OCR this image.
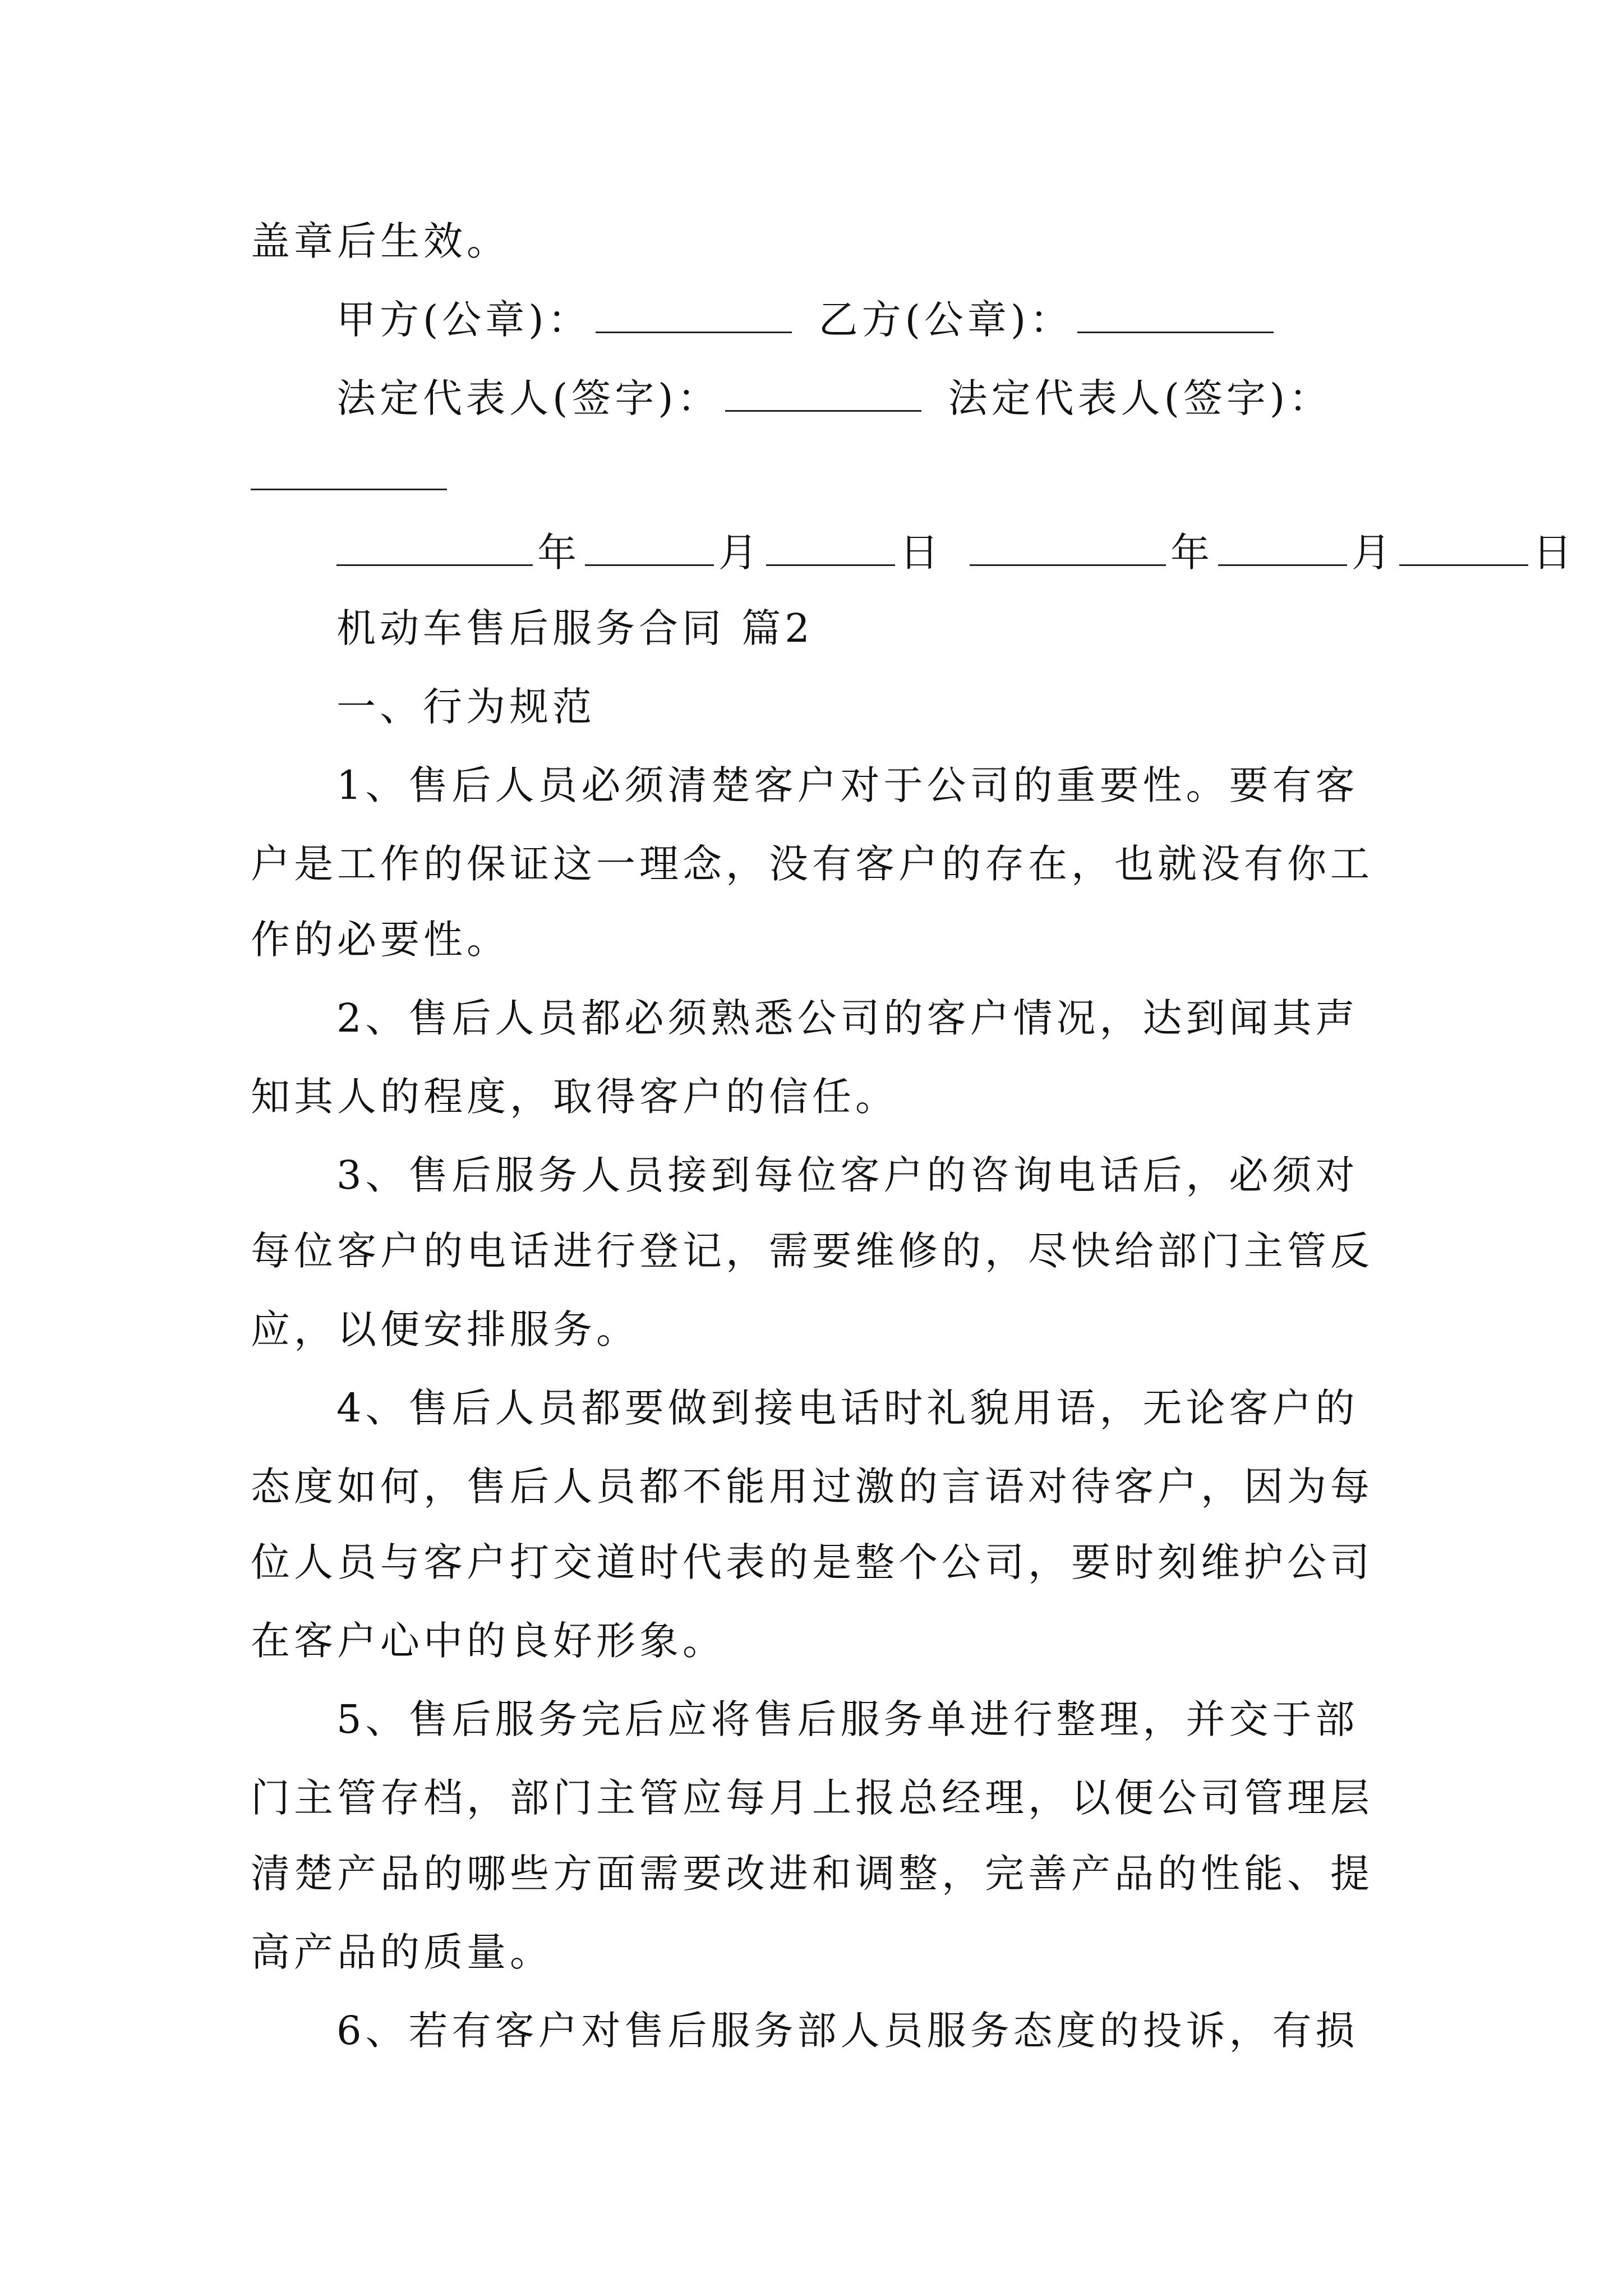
盖章后生效。
甲方(公章)：	乙方(公章)：
法定代表人(签字)：	法定代表人(签字)：
年	月	日	年	月	日
机动车售后服务合同 篇2
一、行为规范
1、售后人员必须清楚客户对于公司的重要性。要有客
户是工作的保证这一理念，没有客户的存在，也就没有你工
作的必要性。
2、售后人员都必须熟悉公司的客户情况，达到闻其声
知其人的程度，取得客户的信任。
3、售后服务人员接到每位客户的咨询电话后，必须对
每位客户的电话进行登记，需要维修的，尽快给部门主管反
应，以便安排服务。
4、售后人员都要做到接电话时礼貌用语，无论客户的
态度如何，售后人员都不能用过激的言语对待客户，因为每
位人员与客户打交道时代表的是整个公司，要时刻维护公司
在客户心中的良好形象。
5、售后服务完后应将售后服务单进行整理，并交于部
门主管存档，部门主管应每月上报总经理，以便公司管理层
清楚产品的哪些方面需要改进和调整，完善产品的性能、提
高产品的质量。
6、若有客户对售后服务部人员服务态度的投诉，有损
